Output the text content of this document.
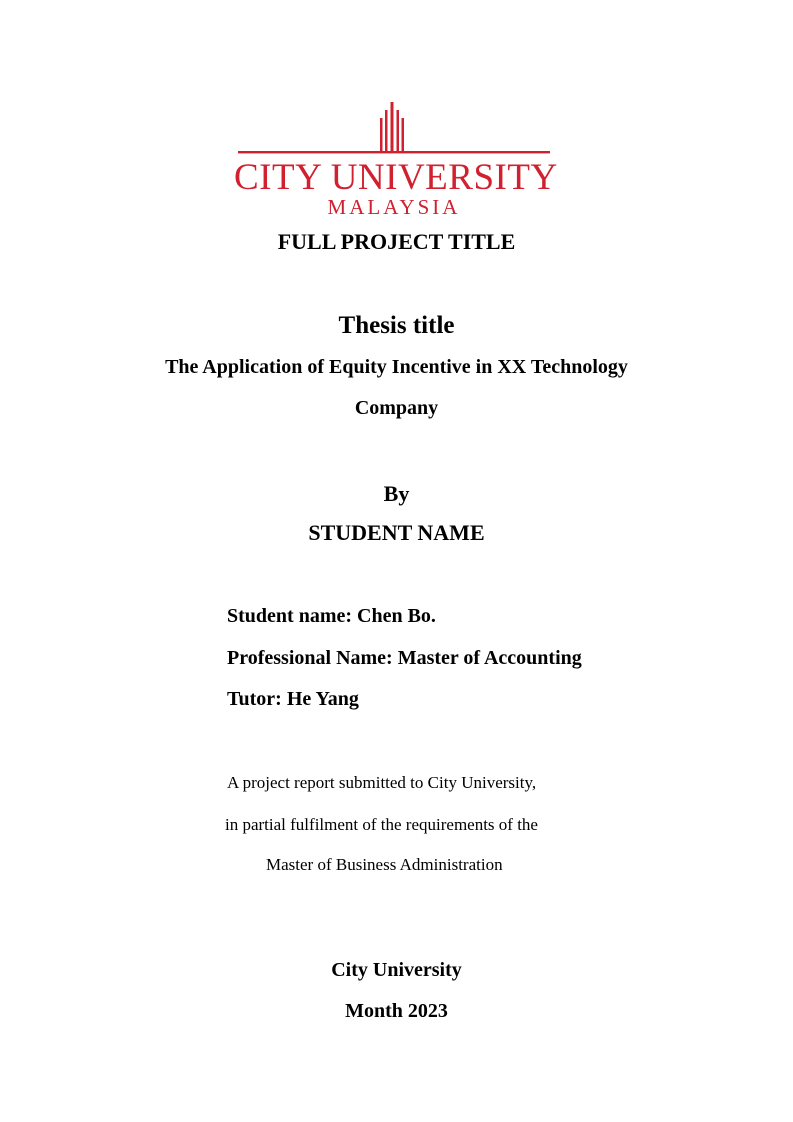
CITY UNIVERSITY
MALAYSIA
FULL PROJECT TITLE
Thesis title
The Application of Equity Incentive in XX Technology
Company
By
STUDENT NAME
Student name: Chen Bo.
Professional Name: Master of Accounting
Tutor: He Yang
A project report submitted to City University,
in partial fulfilment of the requirements of the
Master of Business Administration
City University
Month 2023
